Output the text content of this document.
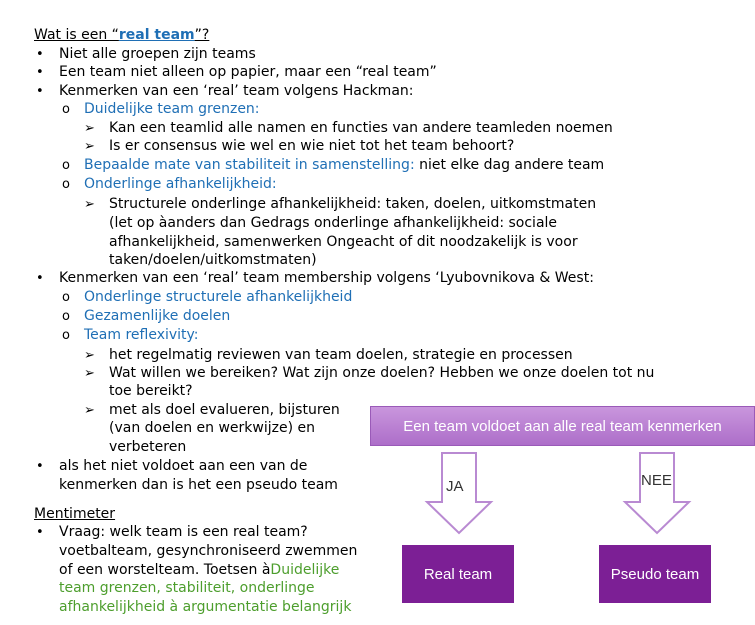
Wat is een “real team”?
• Niet alle groepen zijn teams
• Een team niet alleen op papier, maar een “real team”
• Kenmerken van een ‘real’ team volgens Hackman:
o Duidelijke team grenzen:
➢ Kan een teamlid alle namen en functies van andere teamleden noemen
➢ Is er consensus wie wel en wie niet tot het team behoort?
o Bepaalde mate van stabiliteit in samenstelling: niet elke dag andere team
o Onderlinge afhankelijkheid:
➢ Structurele onderlinge afhankelijkheid: taken, doelen, uitkomstmaten
(let op àanders dan Gedrags onderlinge afhankelijkheid: sociale
afhankelijkheid, samenwerken Ongeacht of dit noodzakelijk is voor
taken/doelen/uitkomstmaten)
• Kenmerken van een ‘real’ team membership volgens ‘Lyubovnikova & West:
o Onderlinge structurele afhankelijkheid
o Gezamenlijke doelen
o Team reflexivity:
➢ het regelmatig reviewen van team doelen, strategie en processen
➢ Wat willen we bereiken? Wat zijn onze doelen? Hebben we onze doelen tot nu
toe bereikt?
➢ met als doel evalueren, bijsturen
(van doelen en werkwijze) en
verbeteren
• als het niet voldoet aan een van de
kenmerken dan is het een pseudo team
Mentimeter
• Vraag: welk team is een real team?
voetbalteam, gesynchroniseerd zwemmen
of een worstelteam. Toetsen àDuidelijke
team grenzen, stabiliteit, onderlinge
afhankelijkheid à argumentatie belangrijk
Een team voldoet aan alle real team kenmerken
JA	NEE
Real team	Pseudo team
